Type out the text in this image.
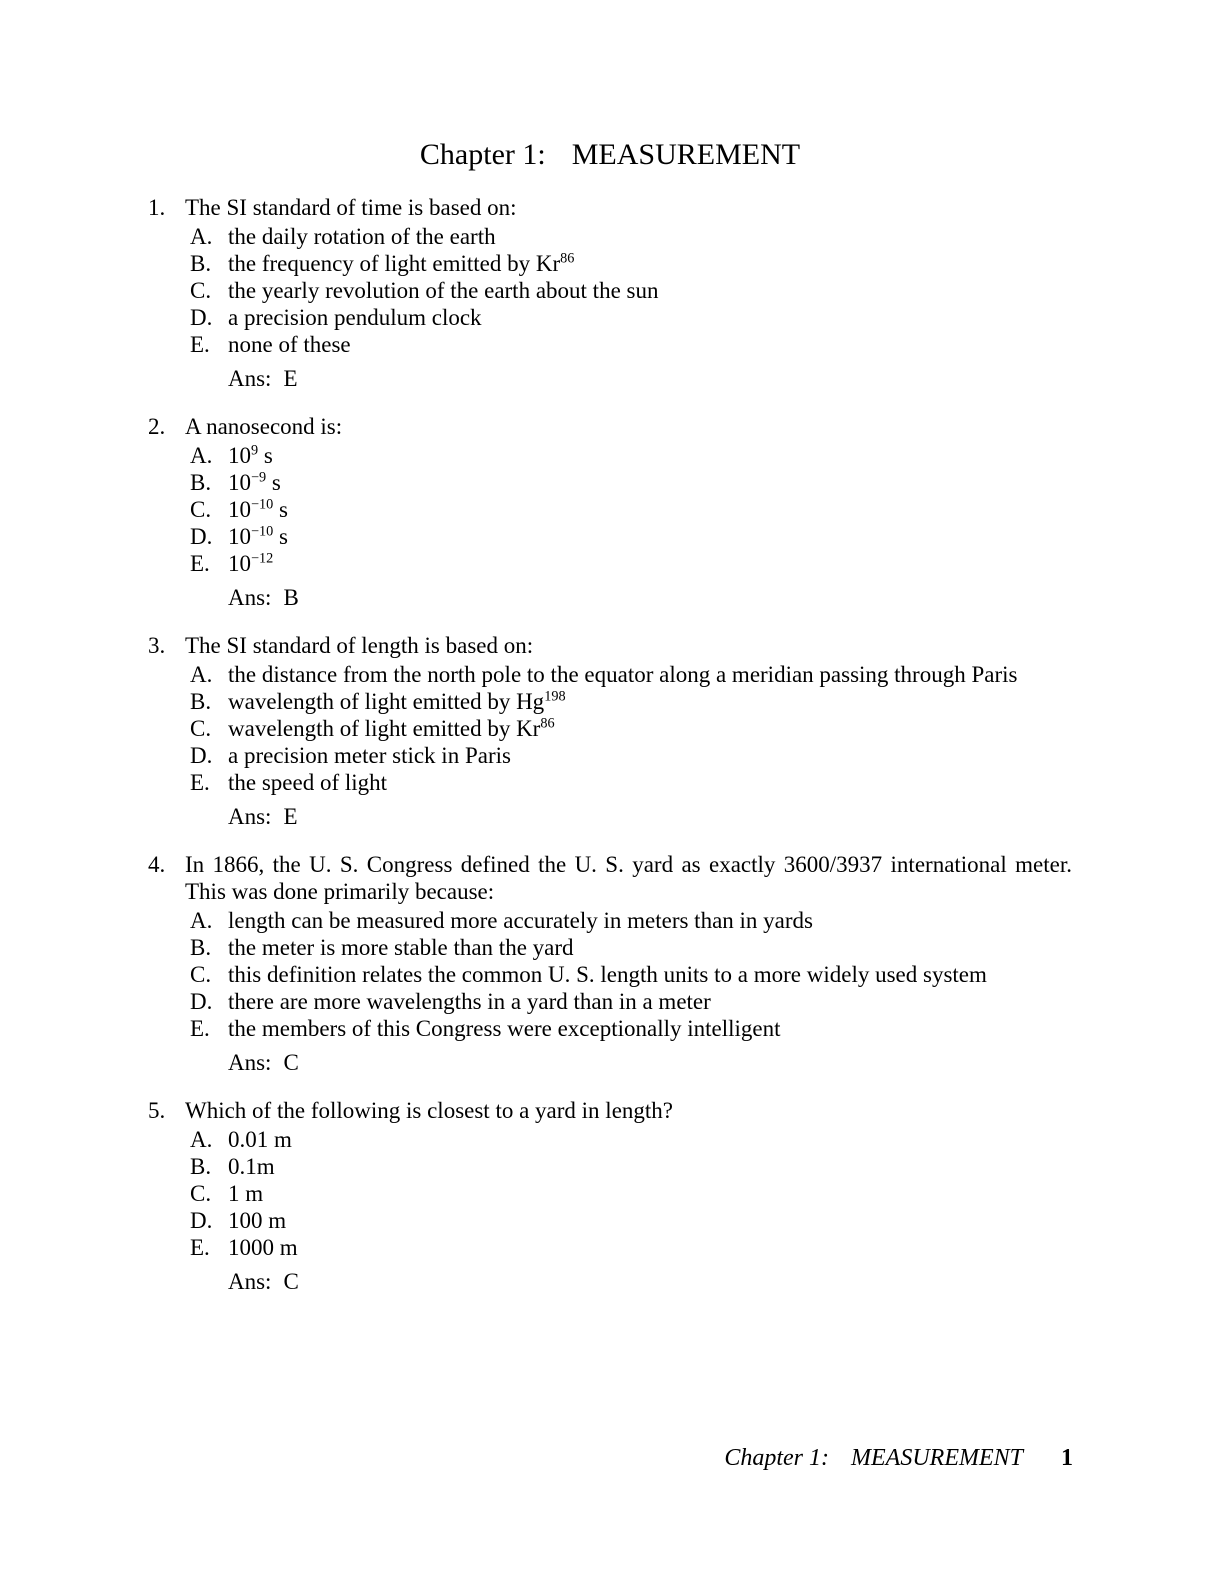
Chapter 1: MEASUREMENT
1. The SI standard of time is based on:
A. the daily rotation of the earth
B. the frequency of light emitted by Kr$^{86}$
C. the yearly revolution of the earth about the sun
D. a precision pendulum clock
E. none of these
Ans: E
2. A nanosecond is:
A. $10^9$ s
B. $10^{-9}$ s
C. $10^{-10}$ s
D. $10^{-10}$ s
E. $10^{-12}$
Ans: B
3. The SI standard of length is based on:
A. the distance from the north pole to the equator along a meridian passing through Paris
B. wavelength of light emitted by Hg$^{198}$
C. wavelength of light emitted by Kr$^{86}$
D. a precision meter stick in Paris
E. the speed of light
Ans: E
4. In 1866, the U. S. Congress defined the U. S. yard as exactly 3600/3937 international meter.
This was done primarily because:
A. length can be measured more accurately in meters than in yards
B. the meter is more stable than the yard
C. this definition relates the common U. S. length units to a more widely used system
D. there are more wavelengths in a yard than in a meter
E. the members of this Congress were exceptionally intelligent
Ans: C
5. Which of the following is closest to a yard in length?
A. 0.01 m
B. 0.1m
C. 1 m
D. 100 m
E. 1000 m
Ans: C
Chapter 1: MEASUREMENT 1
